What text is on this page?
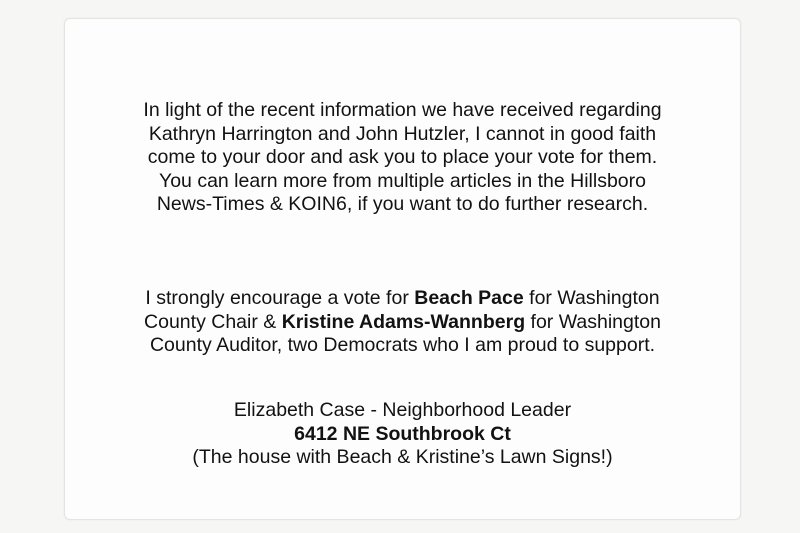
In light of the recent information we have received regarding
Kathryn Harrington and John Hutzler, I cannot in good faith
come to your door and ask you to place your vote for them.
You can learn more from multiple articles in the Hillsboro
News-Times & KOIN6, if you want to do further research.

I strongly encourage a vote for Beach Pace for Washington
County Chair & Kristine Adams-Wannberg for Washington
County Auditor, two Democrats who I am proud to support.

Elizabeth Case - Neighborhood Leader
6412 NE Southbrook Ct
(The house with Beach & Kristine’s Lawn Signs!)
